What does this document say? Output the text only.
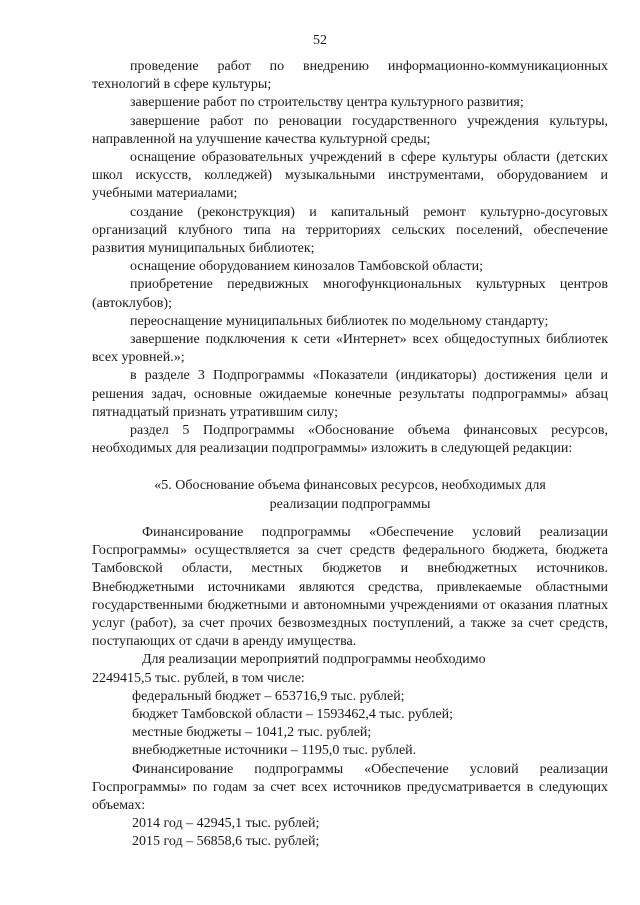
52

проведение работ по внедрению информационно-коммуникационных технологий в сфере культуры;

завершение работ по строительству центра культурного развития;

завершение работ по реновации государственного учреждения культуры, направленной на улучшение качества культурной среды;

оснащение образовательных учреждений в сфере культуры области (детских школ искусств, колледжей) музыкальными инструментами, оборудованием и учебными материалами;

создание (реконструкция) и капитальный ремонт культурно-досуговых организаций клубного типа на территориях сельских поселений, обеспечение развития муниципальных библиотек;

оснащение оборудованием кинозалов Тамбовской области;

приобретение передвижных многофункциональных культурных центров (автоклубов);

переоснащение муниципальных библиотек по модельному стандарту;

завершение подключения к сети «Интернет» всех общедоступных библиотек всех уровней.»;

в разделе 3 Подпрограммы «Показатели (индикаторы) достижения цели и решения задач, основные ожидаемые конечные результаты подпрограммы» абзац пятнадцатый признать утратившим силу;

раздел 5 Подпрограммы «Обоснование объема финансовых ресурсов, необходимых для реализации подпрограммы» изложить в следующей редакции:

«5. Обоснование объема финансовых ресурсов, необходимых для
реализации подпрограммы

Финансирование подпрограммы «Обеспечение условий реализации Госпрограммы» осуществляется за счет средств федерального бюджета, бюджета Тамбовской области, местных бюджетов и внебюджетных источников. Внебюджетными источниками являются средства, привлекаемые областными государственными бюджетными и автономными учреждениями от оказания платных услуг (работ), за счет прочих безвозмездных поступлений, а также за счет средств, поступающих от сдачи в аренду имущества.

Для реализации мероприятий подпрограммы необходимо

2249415,5 тыс. рублей, в том числе:

федеральный бюджет – 653716,9 тыс. рублей;

бюджет Тамбовской области – 1593462,4 тыс. рублей;

местные бюджеты – 1041,2 тыс. рублей;

внебюджетные источники – 1195,0 тыс. рублей.

Финансирование подпрограммы «Обеспечение условий реализации Госпрограммы» по годам за счет всех источников предусматривается в следующих объемах:

2014 год – 42945,1 тыс. рублей;

2015 год – 56858,6 тыс. рублей;
